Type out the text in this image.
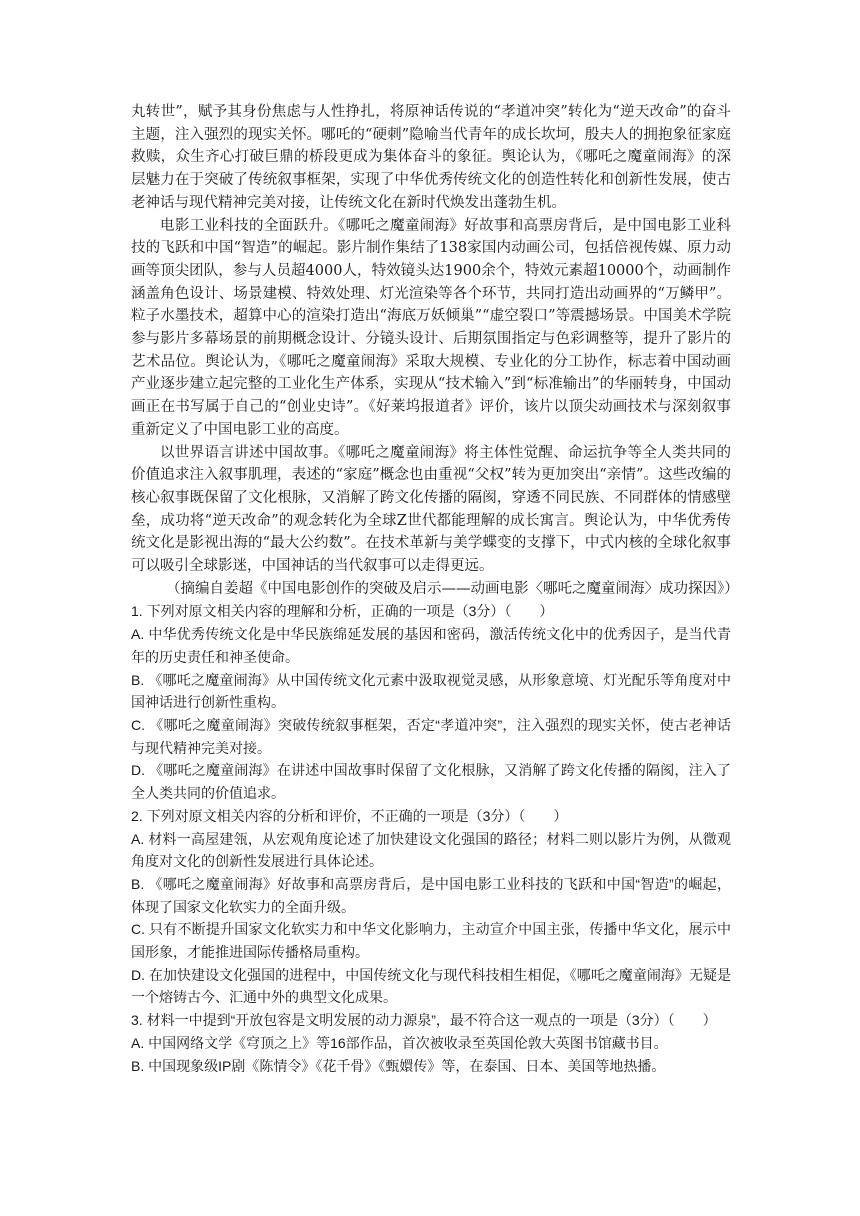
丸转世”，赋予其身份焦虑与人性挣扎，将原神话传说的“孝道冲突”转化为“逆天改命”的奋斗主题，注入强烈的现实关怀。哪吒的“硬刺”隐喻当代青年的成长坎坷，殷夫人的拥抱象征家庭救赎，众生齐心打破巨鼎的桥段更成为集体奋斗的象征。舆论认为，《哪吒之魔童闹海》的深层魅力在于突破了传统叙事框架，实现了中华优秀传统文化的创造性转化和创新性发展，使古老神话与现代精神完美对接，让传统文化在新时代焕发出蓬勃生机。

电影工业科技的全面跃升。《哪吒之魔童闹海》好故事和高票房背后，是中国电影工业科技的飞跃和中国“智造”的崛起。影片制作集结了138家国内动画公司，包括倍视传媒、原力动画等顶尖团队，参与人员超4000人，特效镜头达1900余个，特效元素超10000个，动画制作涵盖角色设计、场景建模、特效处理、灯光渲染等各个环节，共同打造出动画界的“万鳞甲”。粒子水墨技术，超算中心的渲染打造出“海底万妖倾巢”“虚空裂口”等震撼场景。中国美术学院参与影片多幕场景的前期概念设计、分镜头设计、后期氛围指定与色彩调整等，提升了影片的艺术品位。舆论认为，《哪吒之魔童闹海》采取大规模、专业化的分工协作，标志着中国动画产业逐步建立起完整的工业化生产体系，实现从“技术输入”到“标准输出”的华丽转身，中国动画正在书写属于自己的“创业史诗”。《好莱坞报道者》评价，该片以顶尖动画技术与深刻叙事重新定义了中国电影工业的高度。

以世界语言讲述中国故事。《哪吒之魔童闹海》将主体性觉醒、命运抗争等全人类共同的价值追求注入叙事肌理，表述的“家庭”概念也由重视“父权”转为更加突出“亲情”。这些改编的核心叙事既保留了文化根脉，又消解了跨文化传播的隔阂，穿透不同民族、不同群体的情感壁垒，成功将“逆天改命”的观念转化为全球Z世代都能理解的成长寓言。舆论认为，中华优秀传统文化是影视出海的“最大公约数”。在技术革新与美学蝶变的支撑下，中式内核的全球化叙事可以吸引全球影迷，中国神话的当代叙事可以走得更远。

（摘编自姜超《中国电影创作的突破及启示——动画电影〈哪吒之魔童闹海〉成功探因》）

1. 下列对原文相关内容的理解和分析，正确的一项是（3分）（　　）

A. 中华优秀传统文化是中华民族绵延发展的基因和密码，激活传统文化中的优秀因子，是当代青年的历史责任和神圣使命。

B. 《哪吒之魔童闹海》从中国传统文化元素中汲取视觉灵感，从形象意境、灯光配乐等角度对中国神话进行创新性重构。

C. 《哪吒之魔童闹海》突破传统叙事框架，否定“孝道冲突”，注入强烈的现实关怀，使古老神话与现代精神完美对接。

D. 《哪吒之魔童闹海》在讲述中国故事时保留了文化根脉，又消解了跨文化传播的隔阂，注入了全人类共同的价值追求。

2. 下列对原文相关内容的分析和评价，不正确的一项是（3分）（　　）

A. 材料一高屋建瓴，从宏观角度论述了加快建设文化强国的路径；材料二则以影片为例，从微观角度对文化的创新性发展进行具体论述。

B. 《哪吒之魔童闹海》好故事和高票房背后，是中国电影工业科技的飞跃和中国“智造”的崛起，体现了国家文化软实力的全面升级。

C. 只有不断提升国家文化软实力和中华文化影响力，主动宣介中国主张，传播中华文化，展示中国形象，才能推进国际传播格局重构。

D. 在加快建设文化强国的进程中，中国传统文化与现代科技相生相促，《哪吒之魔童闹海》无疑是一个熔铸古今、汇通中外的典型文化成果。

3. 材料一中提到“开放包容是文明发展的动力源泉”，最不符合这一观点的一项是（3分）（　　）

A. 中国网络文学《穹顶之上》等16部作品，首次被收录至英国伦敦大英图书馆藏书目。

B. 中国现象级IP剧《陈情令》《花千骨》《甄嬛传》等，在泰国、日本、美国等地热播。
